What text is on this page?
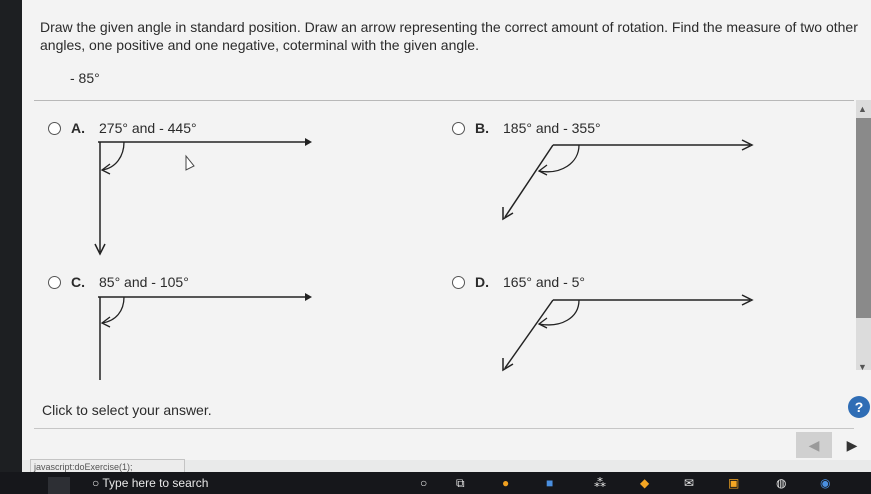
Draw the given angle in standard position. Draw an arrow representing the correct amount of rotation. Find the measure of two other angles, one positive and one negative, coterminal with the given angle.
- 85°
A. 275° and - 445°	B. 185° and - 355°
C. 85° and - 105°	D. 165° and - 5°
Click to select your answer.
▲
▼
?
◀	▶
javascript:doExercise(1);
○ Type here to search	○ ⧉	●	■	⁂	◆	✉	▣	◍	◉
